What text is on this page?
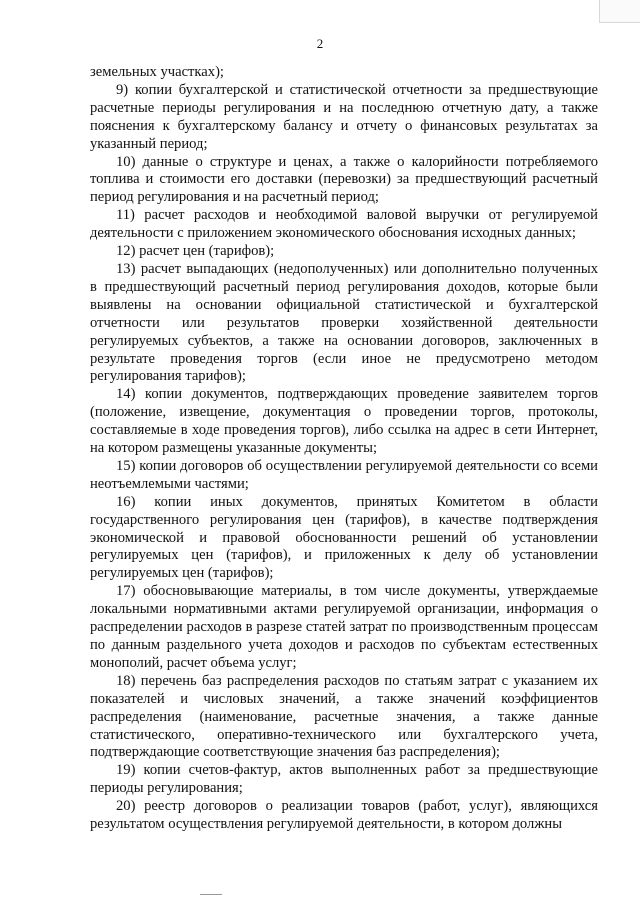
2

земельных участках);

9) копии бухгалтерской и статистической отчетности за предшествующие расчетные периоды регулирования и на последнюю отчетную дату, а также пояснения к бухгалтерскому балансу и отчету о финансовых результатах за указанный период;

10) данные о структуре и ценах, а также о калорийности потребляемого топлива и стоимости его доставки (перевозки) за предшествующий расчетный период регулирования и на расчетный период;

11) расчет расходов и необходимой валовой выручки от регулируемой деятельности с приложением экономического обоснования исходных данных;

12) расчет цен (тарифов);

13) расчет выпадающих (недополученных) или дополнительно полученных в предшествующий расчетный период регулирования доходов, которые были выявлены на основании официальной статистической и бухгалтерской отчетности или результатов проверки хозяйственной деятельности регулируемых субъектов, а также на основании договоров, заключенных в результате проведения торгов (если иное не предусмотрено методом регулирования тарифов);

14) копии документов, подтверждающих проведение заявителем торгов (положение, извещение, документация о проведении торгов, протоколы, составляемые в ходе проведения торгов), либо ссылка на адрес в сети Интернет, на котором размещены указанные документы;

15) копии договоров об осуществлении регулируемой деятельности со всеми неотъемлемыми частями;

16) копии иных документов, принятых Комитетом в области государственного регулирования цен (тарифов), в качестве подтверждения экономической и правовой обоснованности решений об установлении регулируемых цен (тарифов), и приложенных к делу об установлении регулируемых цен (тарифов);

17) обосновывающие материалы, в том числе документы, утверждаемые локальными нормативными актами регулируемой организации, информация о распределении расходов в разрезе статей затрат по производственным процессам по данным раздельного учета доходов и расходов по субъектам естественных монополий, расчет объема услуг;

18) перечень баз распределения расходов по статьям затрат с указанием их показателей и числовых значений, а также значений коэффициентов распределения (наименование, расчетные значения, а также данные статистического, оперативно-технического или бухгалтерского учета, подтверждающие соответствующие значения баз распределения);

19) копии счетов-фактур, актов выполненных работ за предшествующие периоды регулирования;

20) реестр договоров о реализации товаров (работ, услуг), являющихся результатом осуществления регулируемой деятельности, в котором должны
